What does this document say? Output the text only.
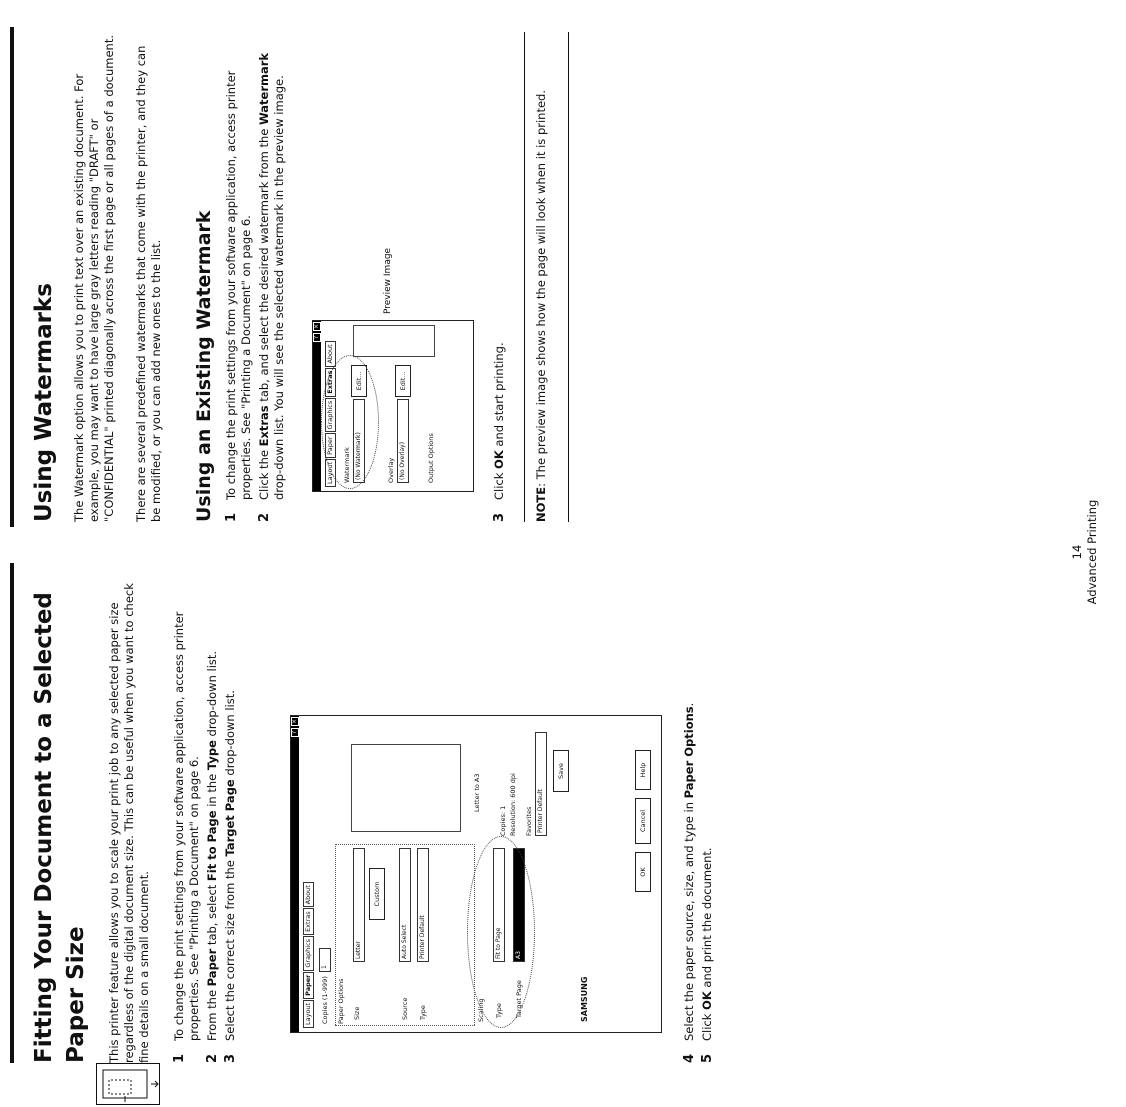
Fitting Your Document to a Selected Paper Size This printer feature allows you to scale your print job to any selected paper size regardless of the digital document size. This can be useful when you want to check fine details on a small document. 1
To change the print settings from your software application, access printer properties. See "Printing a Document" on page 6.
2
From the Paper tab, select Fit to Page in the Type drop-down list.
3
Select the correct size from the Target Page drop-down list.	?
×
Layout
Paper
Graphics
Extras
About
Copies (1-999)
1
Paper Options Size
Letter
Custom
Source
Auto Select
Type
Printer Default
Scaling Type
Fit to Page
Target Page
A3
Letter to A3
Copies: 1 Resolution: 600 dpi Favorites Printer Default
Save
SAMSUNG
OK
Cancel
Help
4
Select the paper source, size, and type in Paper Options.
5
Click OK and print the document.
Using Watermarks The Watermark option allows you to print text over an existing document. For example, you may want to have large gray letters reading "DRAFT" or "CONFIDENTIAL" printed diagonally across the first page or all pages of a document. There are several predefined watermarks that come with the printer, and they can be modified, or you can add new ones to the list. Using an Existing Watermark 1
To change the print settings from your software application, access printer properties. See "Printing a Document" on page 6.
2
Click the Extras tab, and select the desired watermark from the Watermark drop-down list. You will see the selected watermark in the preview image.	?
×
Layout
Paper
Graphics
Extras
About
Watermark (No Watermark)
Edit...
Overlay (No Overlay)
Edit...
Output Options
Preview Image
3
Click OK and start printing.

NOTE: The preview image shows how the page will look when it is printed.

14 Advanced Printing
